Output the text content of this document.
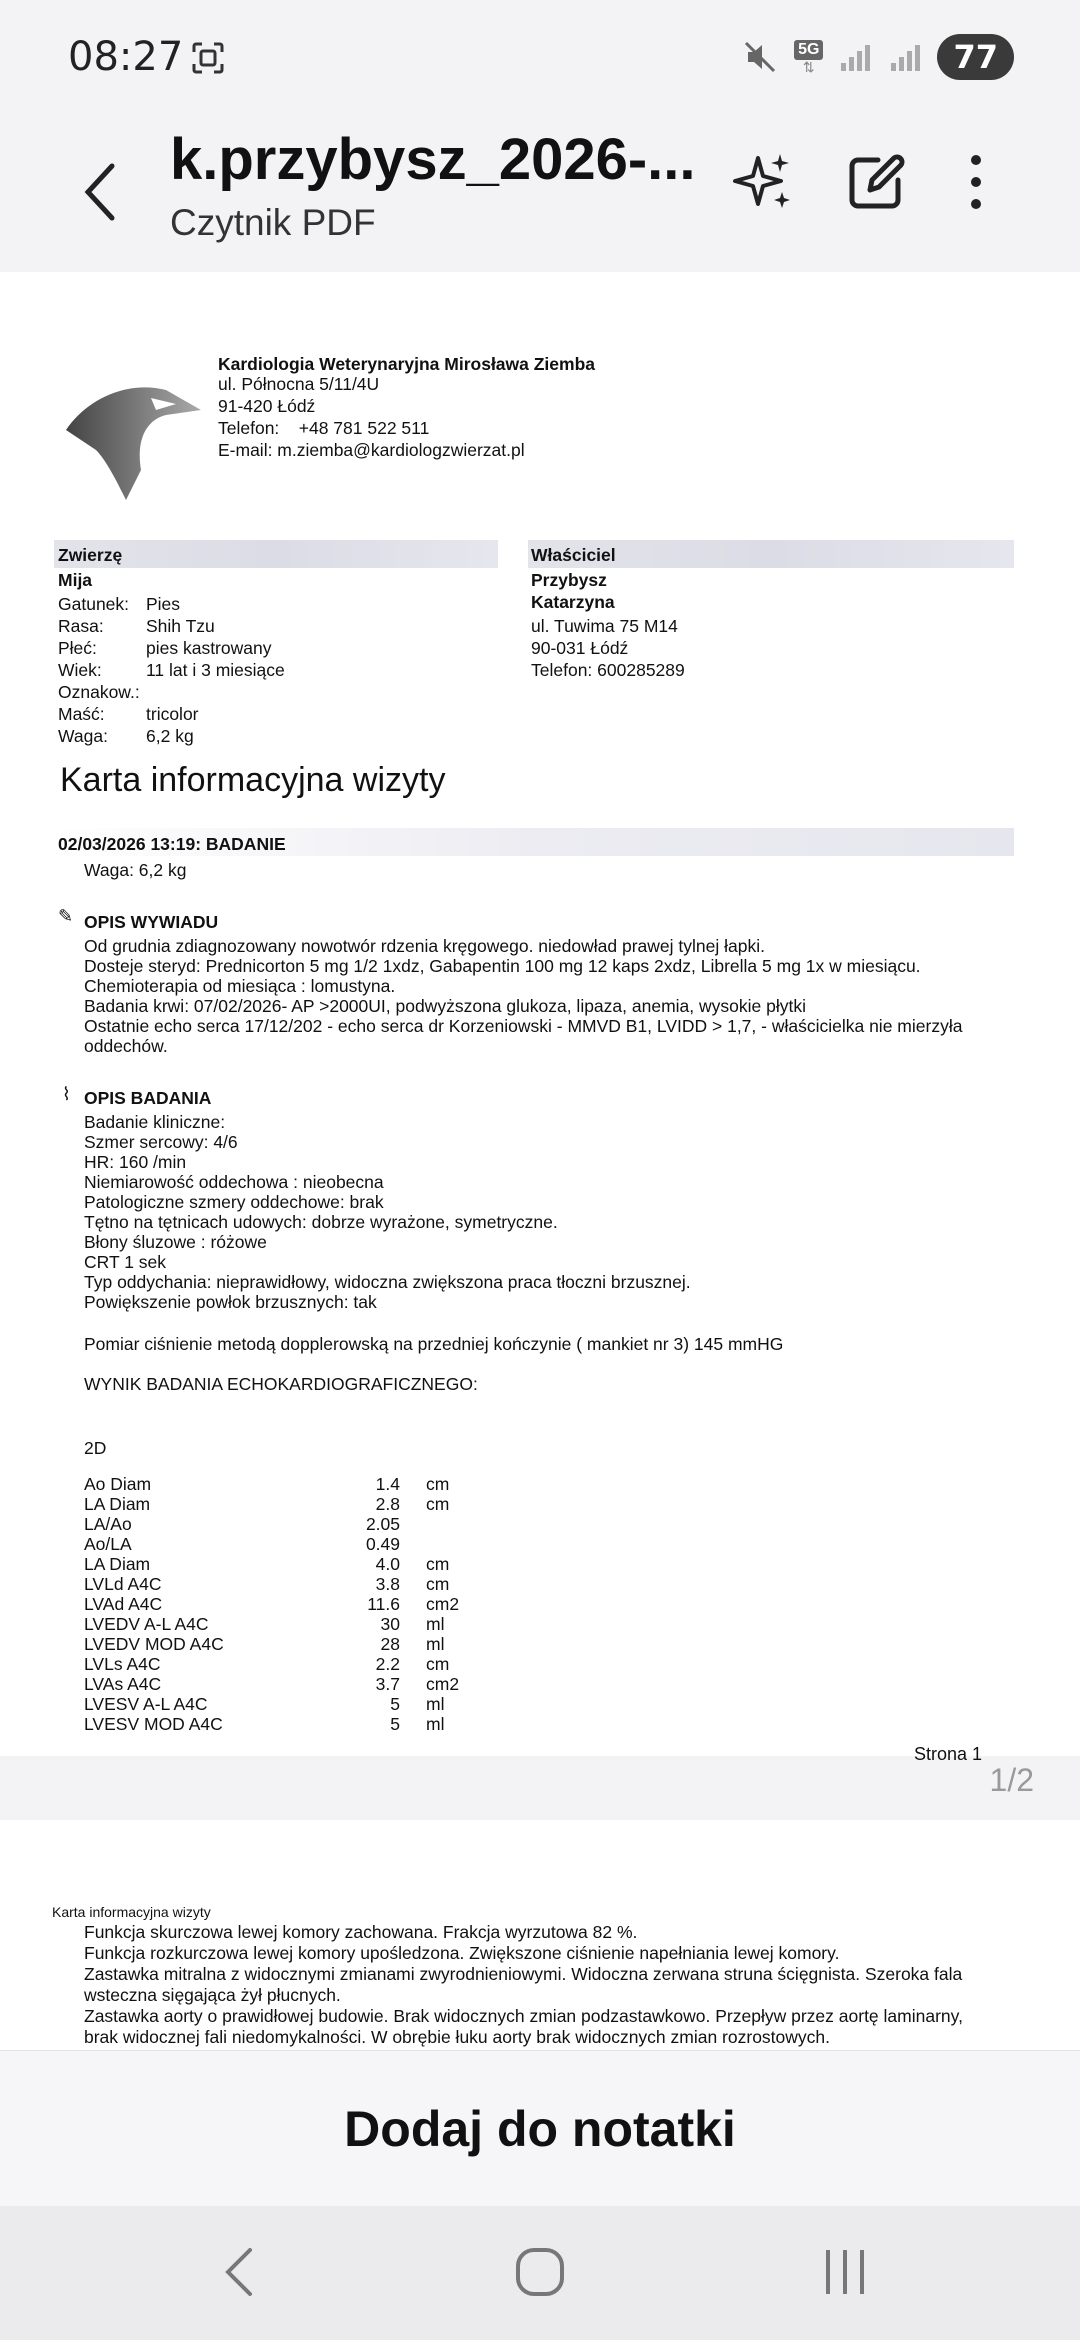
08:27	5G
⇅	77
k.przybysz_2026-...
Czytnik PDF
Kardiologia Weterynaryjna Mirosława Ziemba
ul. Północna 5/11/4U
91-420 Łódź
Telefon:    +48 781 522 511
E-mail: m.ziemba@kardiologzwierzat.pl
Zwierzę
Mija
Gatunek: Pies
Rasa: Shih Tzu
Płeć:	pies kastrowany
Wiek:	11 lat i 3 miesiące
Oznakow.:
Maść: tricolor
Waga: 6,2 kg
Właściciel
Przybysz
Katarzyna
ul. Tuwima 75 M14
90-031 Łódź
Telefon: 600285289
Karta informacyjna wizyty
02/03/2026 13:19: BADANIE
Waga: 6,2 kg
✎ OPIS WYWIADU
Od grudnia zdiagnozowany nowotwór rdzenia kręgowego. niedowład prawej tylnej łapki.
Dosteje steryd: Prednicorton 5 mg 1/2 1xdz, Gabapentin 100 mg 12 kaps 2xdz, Librella 5 mg 1x w miesiącu.
Chemioterapia od miesiąca : lomustyna.
Badania krwi: 07/02/2026- AP >2000UI, podwyższona glukoza, lipaza, anemia, wysokie płytki
Ostatnie echo serca 17/12/202 - echo serca dr Korzeniowski - MMVD B1, LVIDD > 1,7, - właścicielka nie mierzyła
oddechów.
⌇ OPIS BADANIA
Badanie kliniczne:
Szmer sercowy: 4/6
HR: 160 /min
Niemiarowość oddechowa : nieobecna
Patologiczne szmery oddechowe: brak
Tętno na tętnicach udowych: dobrze wyrażone, symetryczne.
Błony śluzowe : różowe
CRT 1 sek
Typ oddychania: nieprawidłowy, widoczna zwiększona praca tłoczni brzusznej.
Powiększenie powłok brzusznych: tak
Pomiar ciśnienie metodą dopplerowską na przedniej kończynie ( mankiet nr 3) 145 mmHG
WYNIK BADANIA ECHOKARDIOGRAFICZNEGO:
2D
Ao Diam	1.4 cm
LA Diam	2.8 cm
LA/Ao	2.05
Ao/LA	0.49
LA Diam	4.0 cm
LVLd A4C	3.8 cm
LVAd A4C	11.6 cm2
LVEDV A-L A4C	30 ml
LVEDV MOD A4C	28 ml
LVLs A4C	2.2 cm
LVAs A4C	3.7 cm2
LVESV A-L A4C	5 ml
LVESV MOD A4C	5 ml
Strona 1
1/2
Karta informacyjna wizyty
Funkcja skurczowa lewej komory zachowana. Frakcja wyrzutowa 82 %.
Funkcja rozkurczowa lewej komory upośledzona. Zwiększone ciśnienie napełniania lewej komory.
Zastawka mitralna z widocznymi zmianami zwyrodnieniowymi. Widoczna zerwana struna ścięgnista. Szeroka fala
wsteczna sięgająca żył płucnych.
Zastawka aorty o prawidłowej budowie. Brak widocznych zmian podzastawkowo. Przepływ przez aortę laminarny,
brak widocznej fali niedomykalności. W obrębie łuku aorty brak widocznych zmian rozrostowych.
Dodaj do notatki
